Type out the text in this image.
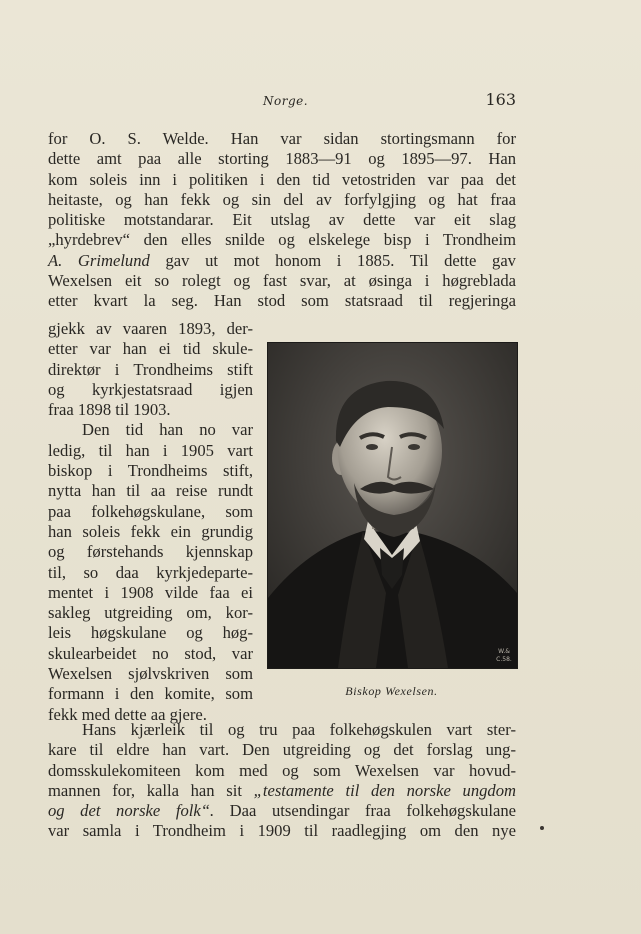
Norge.	163
for O. S. Welde. Han var sidan stortingsmann for
dette amt paa alle storting 1883—91 og 1895—97. Han
kom soleis inn i politiken i den tid vetostriden var paa det
heitaste, og han fekk og sin del av forfylgjing og hat fraa
politiske motstandarar. Eit utslag av dette var eit slag
„hyrdebrev“ den elles snilde og elskelege bisp i Trondheim
A. Grimelund gav ut mot honom i 1885. Til dette gav
Wexelsen eit so rolegt og fast svar, at øsinga i høgreblada
etter kvart la seg. Han stod som statsraad til regjeringa
gjekk av vaaren 1893, der-
etter var han ei tid skule-
direktør i Trondheims stift
og kyrkjestatsraad igjen
fraa 1898 til 1903.
Den tid han no var
ledig, til han i 1905 vart
biskop i Trondheims stift,
nytta han til aa reise rundt
paa folkehøgskulane, som
han soleis fekk ein grundig
og førstehands kjennskap
til, so daa kyrkjedeparte-
mentet i 1908 vilde faa ei
sakleg utgreiding om, kor-
leis høgskulane og høg-
skulearbeidet no stod, var
Wexelsen sjølvskriven som
formann i den komite, som
fekk med dette aa gjere.
W.&
C.58.
Biskop Wexelsen.
Hans kjærleik til og tru paa folkehøgskulen vart ster-
kare til eldre han vart. Den utgreiding og det forslag ung-
domsskulekomiteen kom med og som Wexelsen var hovud-
mannen for, kalla han sit „testamente til den norske ungdom
og det norske folk“. Daa utsendingar fraa folkehøgskulane
var samla i Trondheim i 1909 til raadlegjing om den nye
